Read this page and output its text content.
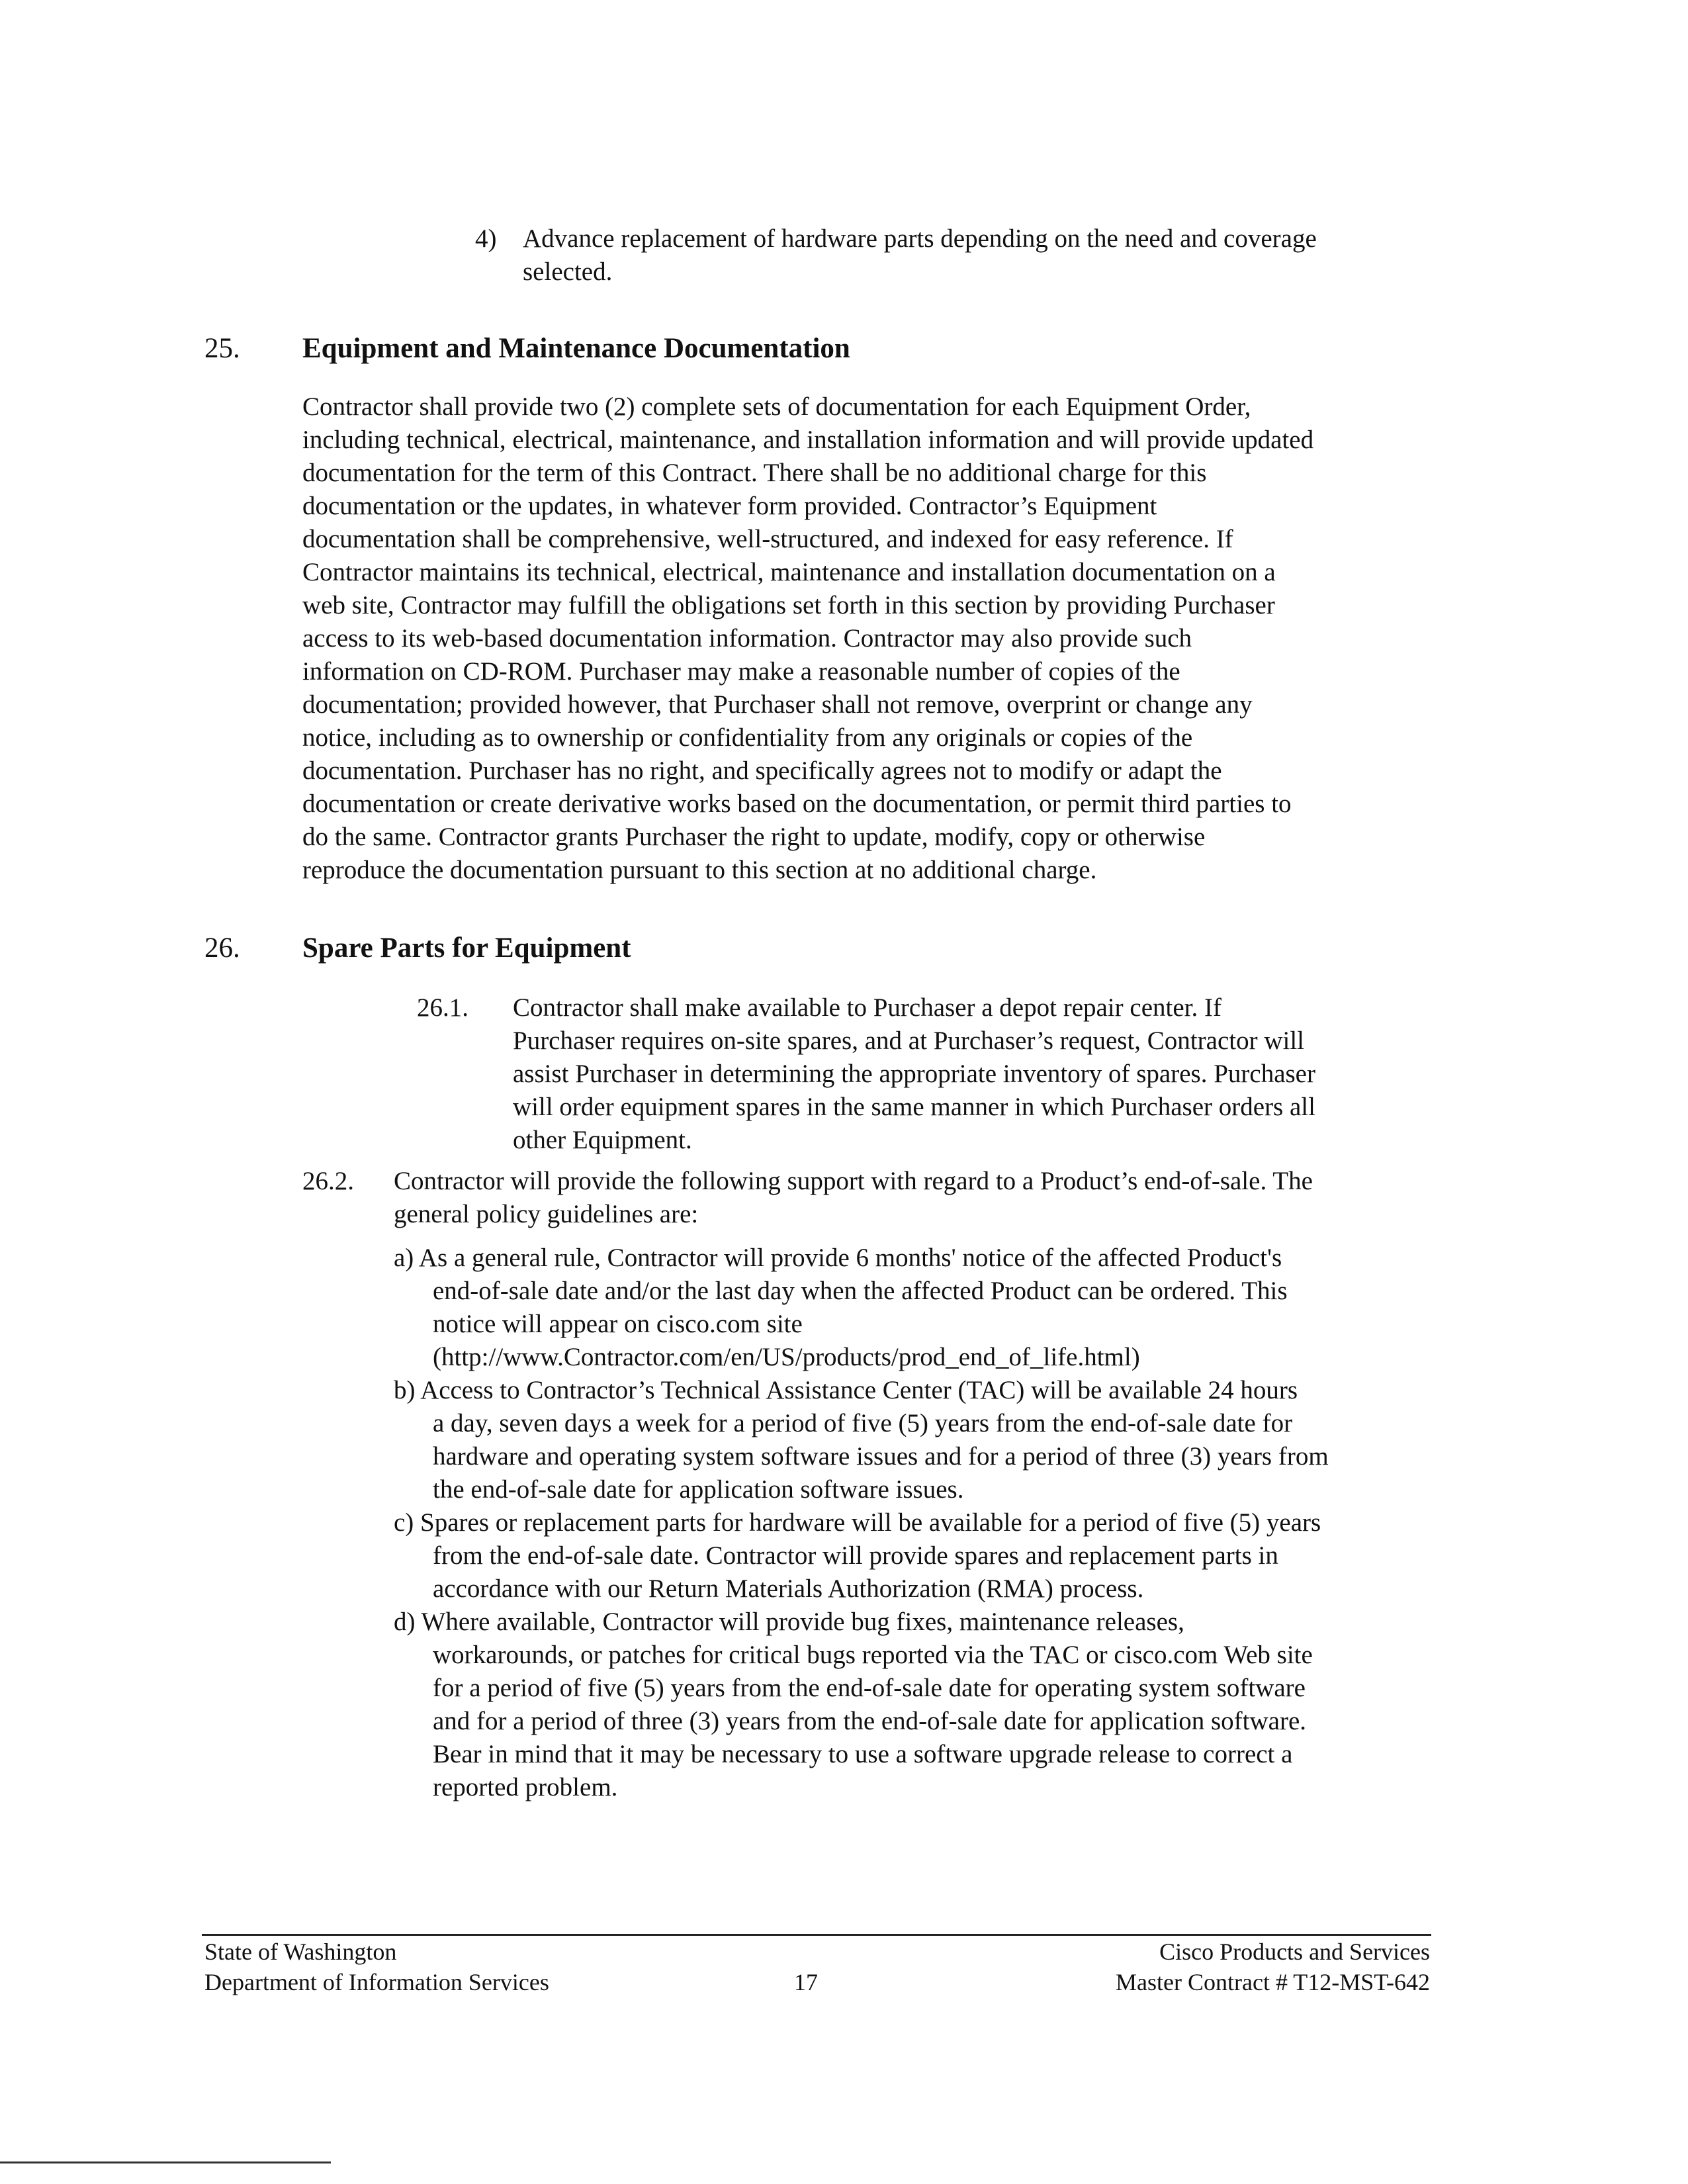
4) Advance replacement of hardware parts depending on the need and coverage
selected.
25. Equipment and Maintenance Documentation
Contractor shall provide two (2) complete sets of documentation for each Equipment Order,
including technical, electrical, maintenance, and installation information and will provide updated
documentation for the term of this Contract. There shall be no additional charge for this
documentation or the updates, in whatever form provided. Contractor’s Equipment
documentation shall be comprehensive, well-structured, and indexed for easy reference. If
Contractor maintains its technical, electrical, maintenance and installation documentation on a
web site, Contractor may fulfill the obligations set forth in this section by providing Purchaser
access to its web-based documentation information. Contractor may also provide such
information on CD-ROM. Purchaser may make a reasonable number of copies of the
documentation; provided however, that Purchaser shall not remove, overprint or change any
notice, including as to ownership or confidentiality from any originals or copies of the
documentation. Purchaser has no right, and specifically agrees not to modify or adapt the
documentation or create derivative works based on the documentation, or permit third parties to
do the same. Contractor grants Purchaser the right to update, modify, copy or otherwise
reproduce the documentation pursuant to this section at no additional charge.
26. Spare Parts for Equipment
26.1. Contractor shall make available to Purchaser a depot repair center. If
Purchaser requires on-site spares, and at Purchaser’s request, Contractor will
assist Purchaser in determining the appropriate inventory of spares. Purchaser
will order equipment spares in the same manner in which Purchaser orders all
other Equipment.
26.2. Contractor will provide the following support with regard to a Product’s end-of-sale. The
general policy guidelines are:
a) As a general rule, Contractor will provide 6 months' notice of the affected Product's
end-of-sale date and/or the last day when the affected Product can be ordered. This
notice will appear on cisco.com site
(http://www.Contractor.com/en/US/products/prod_end_of_life.html)
b) Access to Contractor’s Technical Assistance Center (TAC) will be available 24 hours
a day, seven days a week for a period of five (5) years from the end-of-sale date for
hardware and operating system software issues and for a period of three (3) years from
the end-of-sale date for application software issues.
c) Spares or replacement parts for hardware will be available for a period of five (5) years
from the end-of-sale date. Contractor will provide spares and replacement parts in
accordance with our Return Materials Authorization (RMA) process.
d) Where available, Contractor will provide bug fixes, maintenance releases,
workarounds, or patches for critical bugs reported via the TAC or cisco.com Web site
for a period of five (5) years from the end-of-sale date for operating system software
and for a period of three (3) years from the end-of-sale date for application software.
Bear in mind that it may be necessary to use a software upgrade release to correct a
reported problem.
State of Washington
Department of Information Services	17
Cisco Products and Services
Master Contract # T12-MST-642
